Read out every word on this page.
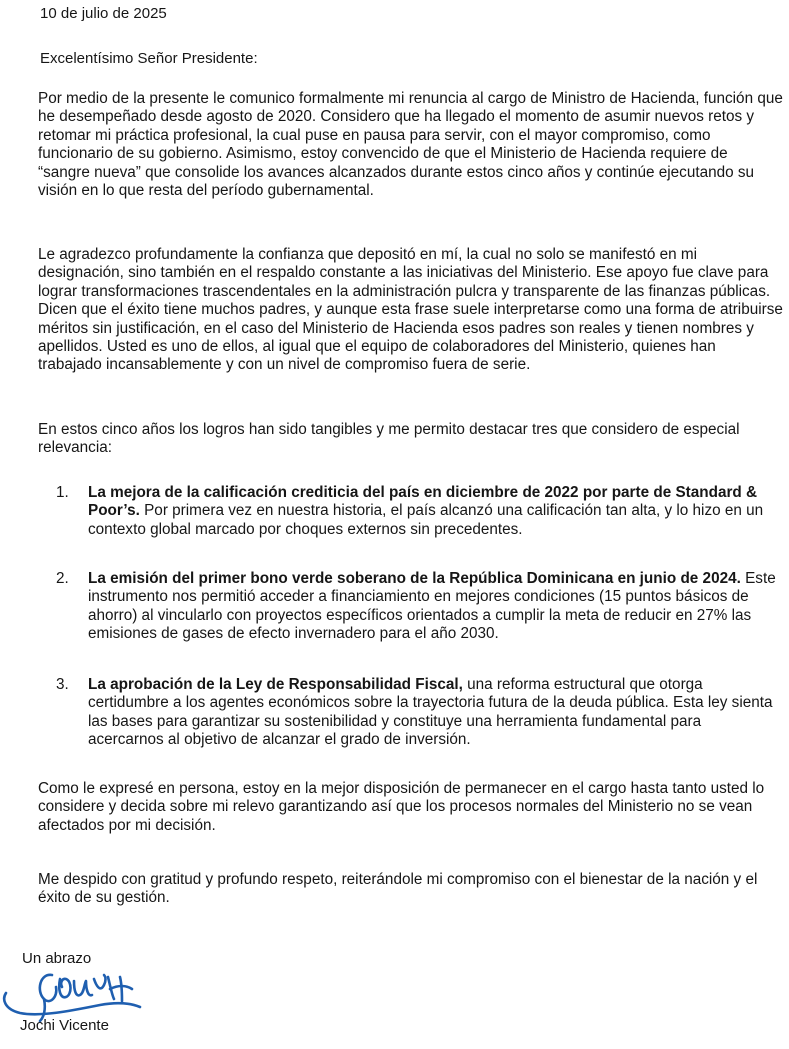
10 de julio de 2025
Excelentísimo Señor Presidente:

Por medio de la presente le comunico formalmente mi renuncia al cargo de Ministro de Hacienda, función que he desempeñado desde agosto de 2020. Considero que ha llegado el momento de asumir nuevos retos y retomar mi práctica profesional, la cual puse en pausa para servir, con el mayor compromiso, como funcionario de su gobierno. Asimismo, estoy convencido de que el Ministerio de Hacienda requiere de “sangre nueva” que consolide los avances alcanzados durante estos cinco años y continúe ejecutando su visión en lo que resta del período gubernamental.

Le agradezco profundamente la confianza que depositó en mí, la cual no solo se manifestó en mi designación, sino también en el respaldo constante a las iniciativas del Ministerio. Ese apoyo fue clave para lograr transformaciones trascendentales en la administración pulcra y transparente de las finanzas públicas. Dicen que el éxito tiene muchos padres, y aunque esta frase suele interpretarse como una forma de atribuirse méritos sin justificación, en el caso del Ministerio de Hacienda esos padres son reales y tienen nombres y apellidos. Usted es uno de ellos, al igual que el equipo de colaboradores del Ministerio, quienes han trabajado incansablemente y con un nivel de compromiso fuera de serie.

En estos cinco años los logros han sido tangibles y me permito destacar tres que considero de especial relevancia:

1. La mejora de la calificación crediticia del país en diciembre de 2022 por parte de Standard & Poor’s. Por primera vez en nuestra historia, el país alcanzó una calificación tan alta, y lo hizo en un contexto global marcado por choques externos sin precedentes.
2. La emisión del primer bono verde soberano de la República Dominicana en junio de 2024. Este instrumento nos permitió acceder a financiamiento en mejores condiciones (15 puntos básicos de ahorro) al vincularlo con proyectos específicos orientados a cumplir la meta de reducir en 27% las emisiones de gases de efecto invernadero para el año 2030.
3. La aprobación de la Ley de Responsabilidad Fiscal, una reforma estructural que otorga certidumbre a los agentes económicos sobre la trayectoria futura de la deuda pública. Esta ley sienta las bases para garantizar su sostenibilidad y constituye una herramienta fundamental para acercarnos al objetivo de alcanzar el grado de inversión.

Como le expresé en persona, estoy en la mejor disposición de permanecer en el cargo hasta tanto usted lo considere y decida sobre mi relevo garantizando así que los procesos normales del Ministerio no se vean afectados por mi decisión.

Me despido con gratitud y profundo respeto, reiterándole mi compromiso con el bienestar de la nación y el éxito de su gestión.

Un abrazo
Jochi Vicente
